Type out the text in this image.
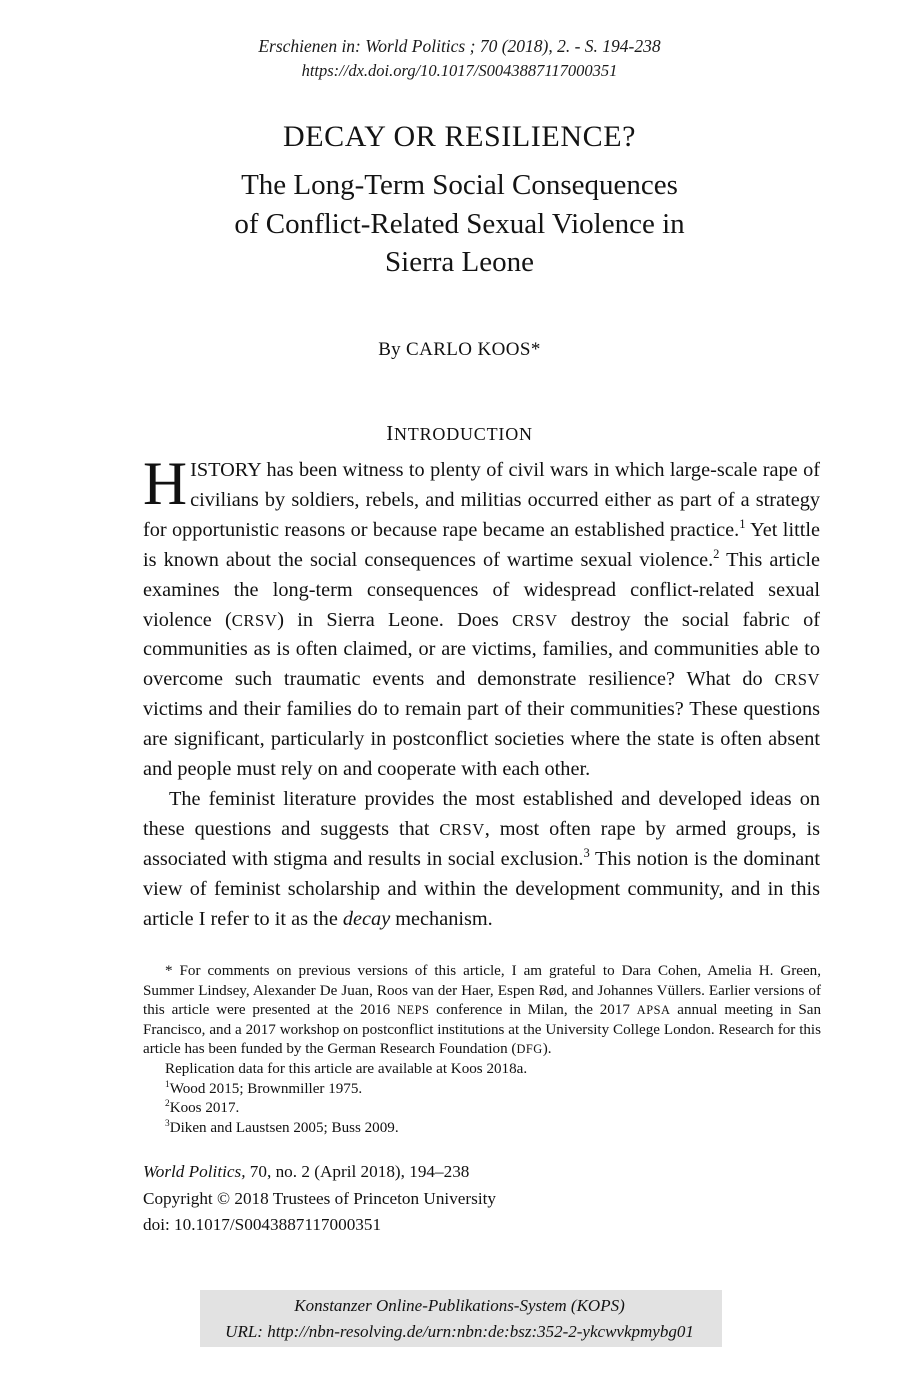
Erschienen in: World Politics ; 70 (2018), 2. - S. 194-238
https://dx.doi.org/10.1017/S0043887117000351
DECAY OR RESILIENCE?
The Long-Term Social Consequences
of Conflict-Related Sexual Violence in
Sierra Leone
By CARLO KOOS*
INTRODUCTION

HISTORY has been witness to plenty of civil wars in which large-scale rape of civilians by soldiers, rebels, and militias occurred either as part of a strategy for opportunistic reasons or because rape became an established practice.$^1$ Yet little is known about the social consequences of wartime sexual violence.$^2$ This article examines the long-term consequences of widespread conflict-related sexual violence (CRSV) in Sierra Leone. Does CRSV destroy the social fabric of communities as is often claimed, or are victims, families, and communities able to overcome such traumatic events and demonstrate resilience? What do CRSV victims and their families do to remain part of their communities? These questions are significant, particularly in postconflict societies where the state is often absent and people must rely on and cooperate with each other.

The feminist literature provides the most established and developed ideas on these questions and suggests that CRSV, most often rape by armed groups, is associated with stigma and results in social exclusion.$^3$ This notion is the dominant view of feminist scholarship and within the development community, and in this article I refer to it as the decay mechanism.

* For comments on previous versions of this article, I am grateful to Dara Cohen, Amelia H. Green, Summer Lindsey, Alexander De Juan, Roos van der Haer, Espen Rød, and Johannes Vüllers. Earlier versions of this article were presented at the 2016 NEPS conference in Milan, the 2017 APSA annual meeting in San Francisco, and a 2017 workshop on postconflict institutions at the University College London. Research for this article has been funded by the German Research Foundation (DFG).
Replication data for this article are available at Koos 2018a.
$^1$Wood 2015; Brownmiller 1975.
$^2$Koos 2017.
$^3$Diken and Laustsen 2005; Buss 2009.
World Politics, 70, no. 2 (April 2018), 194–238
Copyright © 2018 Trustees of Princeton University
doi: 10.1017/S0043887117000351
Konstanzer Online-Publikations-System (KOPS)
URL: http://nbn-resolving.de/urn:nbn:de:bsz:352-2-ykcwvkpmybg01
